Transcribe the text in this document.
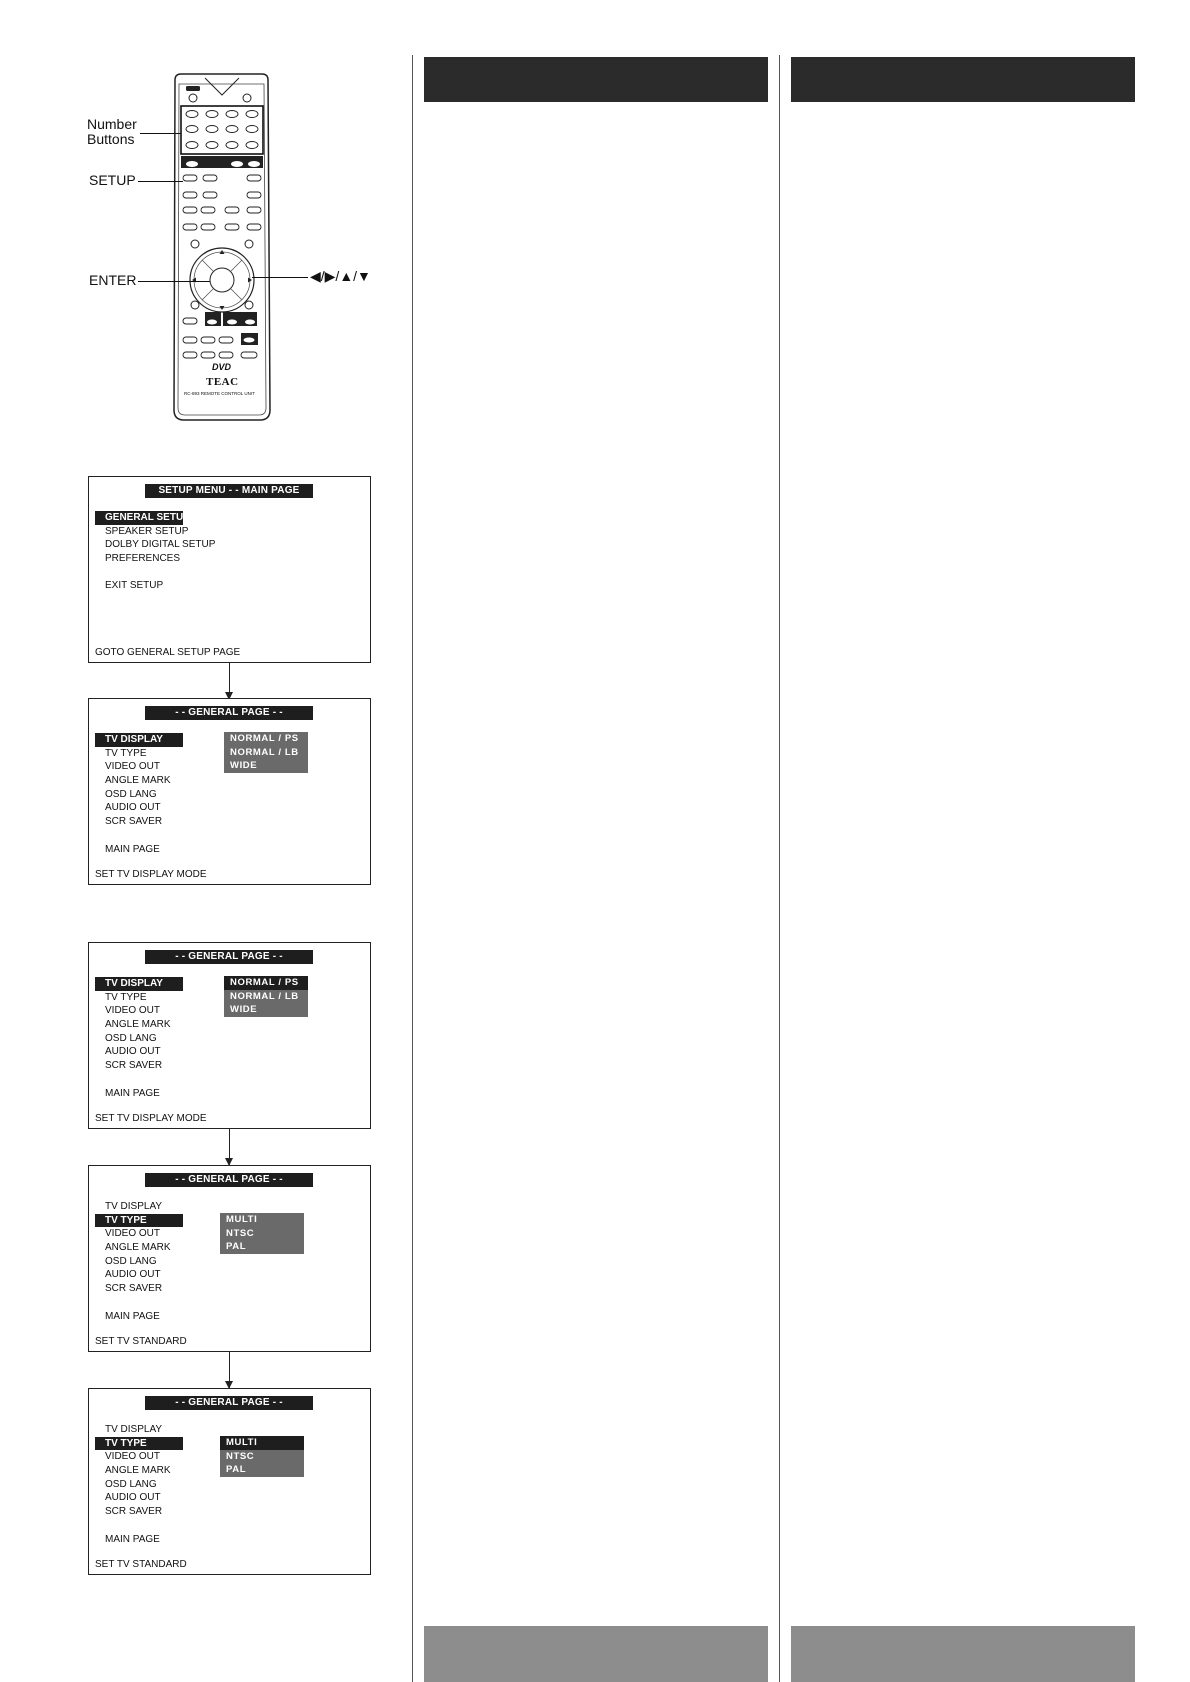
DVD
TEAC
RC-893 REMOTE CONTROL UNIT
Number
Buttons
SETUP
ENTER	◀/▶/▲/▼
SETUP MENU - - MAIN PAGE
GENERAL SETUP
SPEAKER SETUP
DOLBY DIGITAL SETUP
PREFERENCES
EXIT SETUP
GOTO GENERAL SETUP PAGE
- - GENERAL PAGE - -
TV DISPLAY
TV TYPE
VIDEO OUT
ANGLE MARK
OSD LANG
AUDIO OUT
SCR SAVER
MAIN PAGE
NORMAL / PS
NORMAL / LB
WIDE
SET TV DISPLAY MODE
- - GENERAL PAGE - -
TV DISPLAY
TV TYPE
VIDEO OUT
ANGLE MARK
OSD LANG
AUDIO OUT
SCR SAVER
MAIN PAGE
NORMAL / PS
NORMAL / LB
WIDE
SET TV DISPLAY MODE
- - GENERAL PAGE - -
TV DISPLAY
TV TYPE
VIDEO OUT
ANGLE MARK
OSD LANG
AUDIO OUT
SCR SAVER
MAIN PAGE
MULTI
NTSC
PAL
SET TV STANDARD
- - GENERAL PAGE - -
TV DISPLAY
TV TYPE
VIDEO OUT
ANGLE MARK
OSD LANG
AUDIO OUT
SCR SAVER
MAIN PAGE
MULTI
NTSC
PAL
SET TV STANDARD
